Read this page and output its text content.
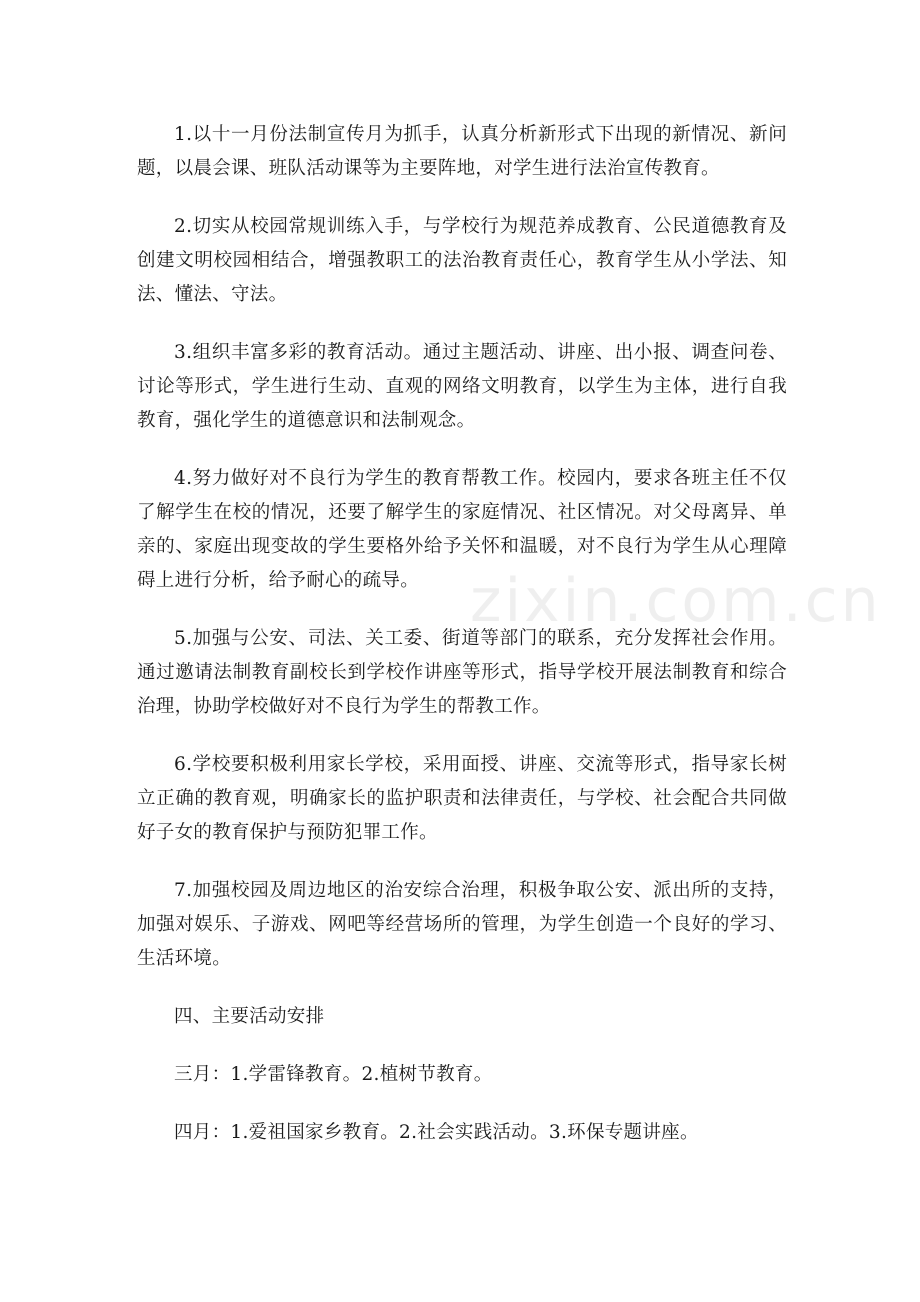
1.以十一月份法制宣传月为抓手，认真分析新形式下出现的新情况、新问题，以晨会课、班队活动课等为主要阵地，对学生进行法治宣传教育。

2.切实从校园常规训练入手，与学校行为规范养成教育、公民道德教育及创建文明校园相结合，增强教职工的法治教育责任心，教育学生从小学法、知法、懂法、守法。

3.组织丰富多彩的教育活动。通过主题活动、讲座、出小报、调查问卷、讨论等形式，学生进行生动、直观的网络文明教育，以学生为主体，进行自我教育，强化学生的道德意识和法制观念。

4.努力做好对不良行为学生的教育帮教工作。校园内，要求各班主任不仅了解学生在校的情况，还要了解学生的家庭情况、社区情况。对父母离异、单亲的、家庭出现变故的学生要格外给予关怀和温暖，对不良行为学生从心理障碍上进行分析，给予耐心的疏导。

5.加强与公安、司法、关工委、街道等部门的联系，充分发挥社会作用。通过邀请法制教育副校长到学校作讲座等形式，指导学校开展法制教育和综合治理，协助学校做好对不良行为学生的帮教工作。

6.学校要积极利用家长学校，采用面授、讲座、交流等形式，指导家长树立正确的教育观，明确家长的监护职责和法律责任，与学校、社会配合共同做好子女的教育保护与预防犯罪工作。

7.加强校园及周边地区的治安综合治理，积极争取公安、派出所的支持，加强对娱乐、子游戏、网吧等经营场所的管理，为学生创造一个良好的学习、生活环境。

四、主要活动安排

三月：1.学雷锋教育。2.植树节教育。

四月：1.爱祖国家乡教育。2.社会实践活动。3.环保专题讲座。

zixin.com.cn
